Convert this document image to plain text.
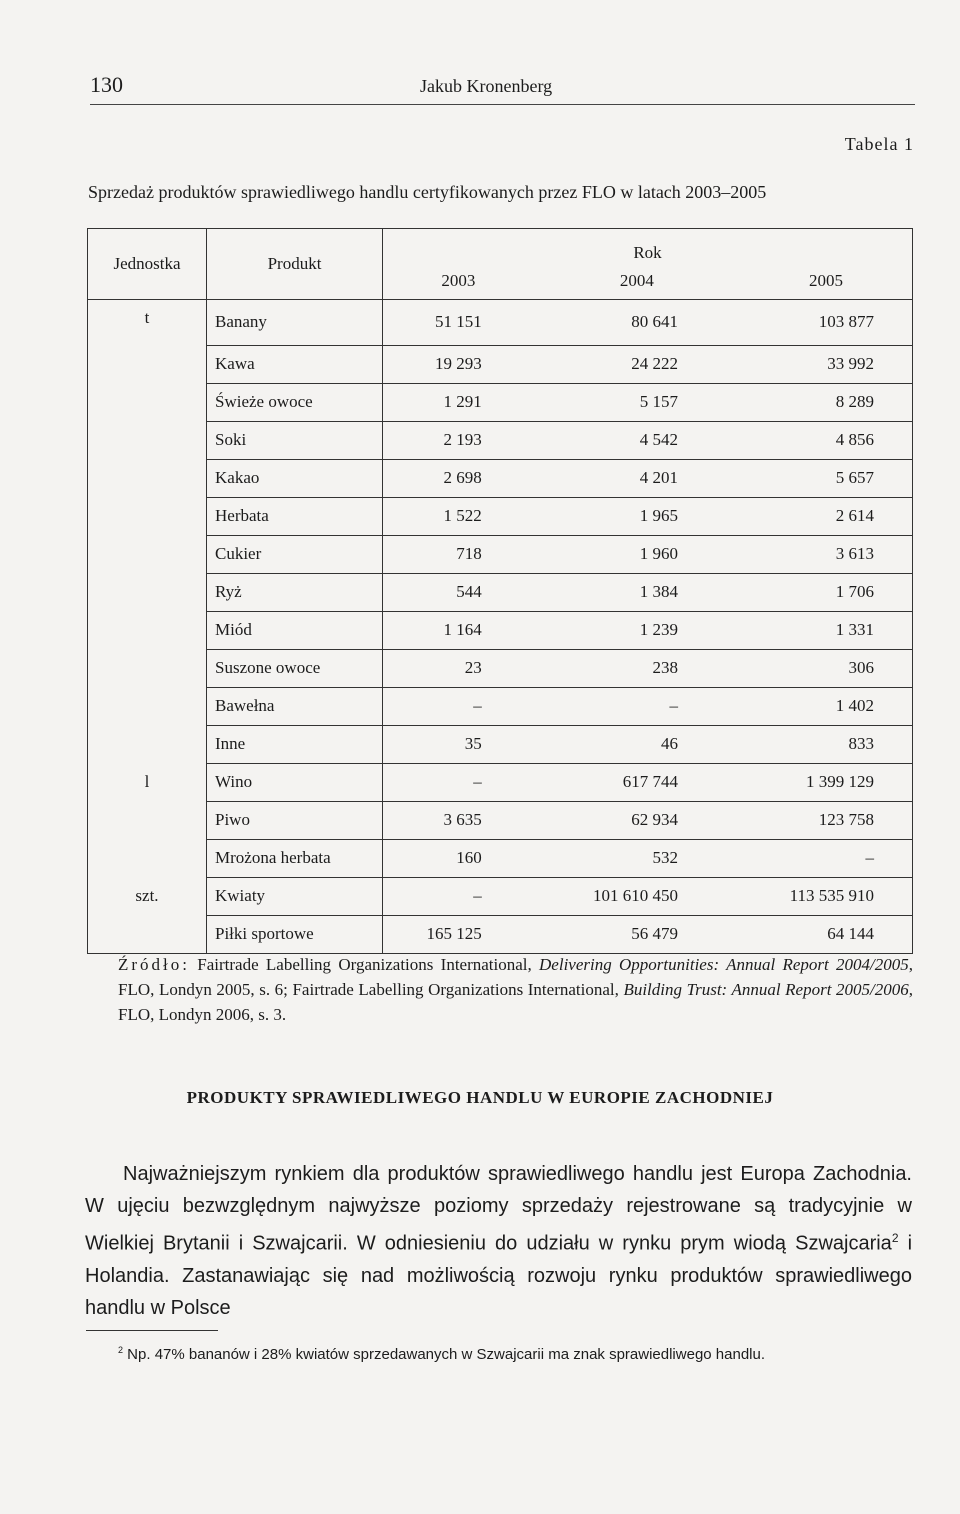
130	Jakub Kronenberg
Tabela 1
Sprzedaż produktów sprawiedliwego handlu certyfikowanych przez FLO w latach 2003–2005
Jednostka	Produkt	Rok		
		2003	2004	2005
t	Banany	51 151	80 641	103 877
	Kawa	19 293	24 222	33 992
	Świeże owoce	1 291	5 157	8 289
	Soki	2 193	4 542	4 856
	Kakao	2 698	4 201	5 657
	Herbata	1 522	1 965	2 614
	Cukier	718	1 960	3 613
	Ryż	544	1 384	1 706
	Miód	1 164	1 239	1 331
	Suszone owoce	23	238	306
	Bawełna	–	–	1 402
	Inne	35	46	833
l	Wino	–	617 744	1 399 129
	Piwo	3 635	62 934	123 758
	Mrożona herbata	160	532	–
szt.	Kwiaty	–	101 610 450	113 535 910
	Piłki sportowe	165 125	56 479	64 144
Źródło: Fairtrade Labelling Organizations International, Delivering Opportunities: Annual Report 2004/2005, FLO, Londyn 2005, s. 6; Fairtrade Labelling Organizations International, Building Trust: Annual Report 2005/2006, FLO, Londyn 2006, s. 3.
PRODUKTY SPRAWIEDLIWEGO HANDLU W EUROPIE ZACHODNIEJ
Najważniejszym rynkiem dla produktów sprawiedliwego handlu jest Europa Zachodnia. W ujęciu bezwzględnym najwyższe poziomy sprzedaży rejestrowane są tradycyjnie w Wielkiej Brytanii i Szwajcarii. W odniesieniu do udziału w rynku prym wiodą Szwajcaria$^2$ i Holandia. Zastanawiając się nad możliwością rozwoju rynku produktów sprawiedliwego handlu w Polsce
$^2$ Np. 47% bananów i 28% kwiatów sprzedawanych w Szwajcarii ma znak sprawiedliwego handlu.
